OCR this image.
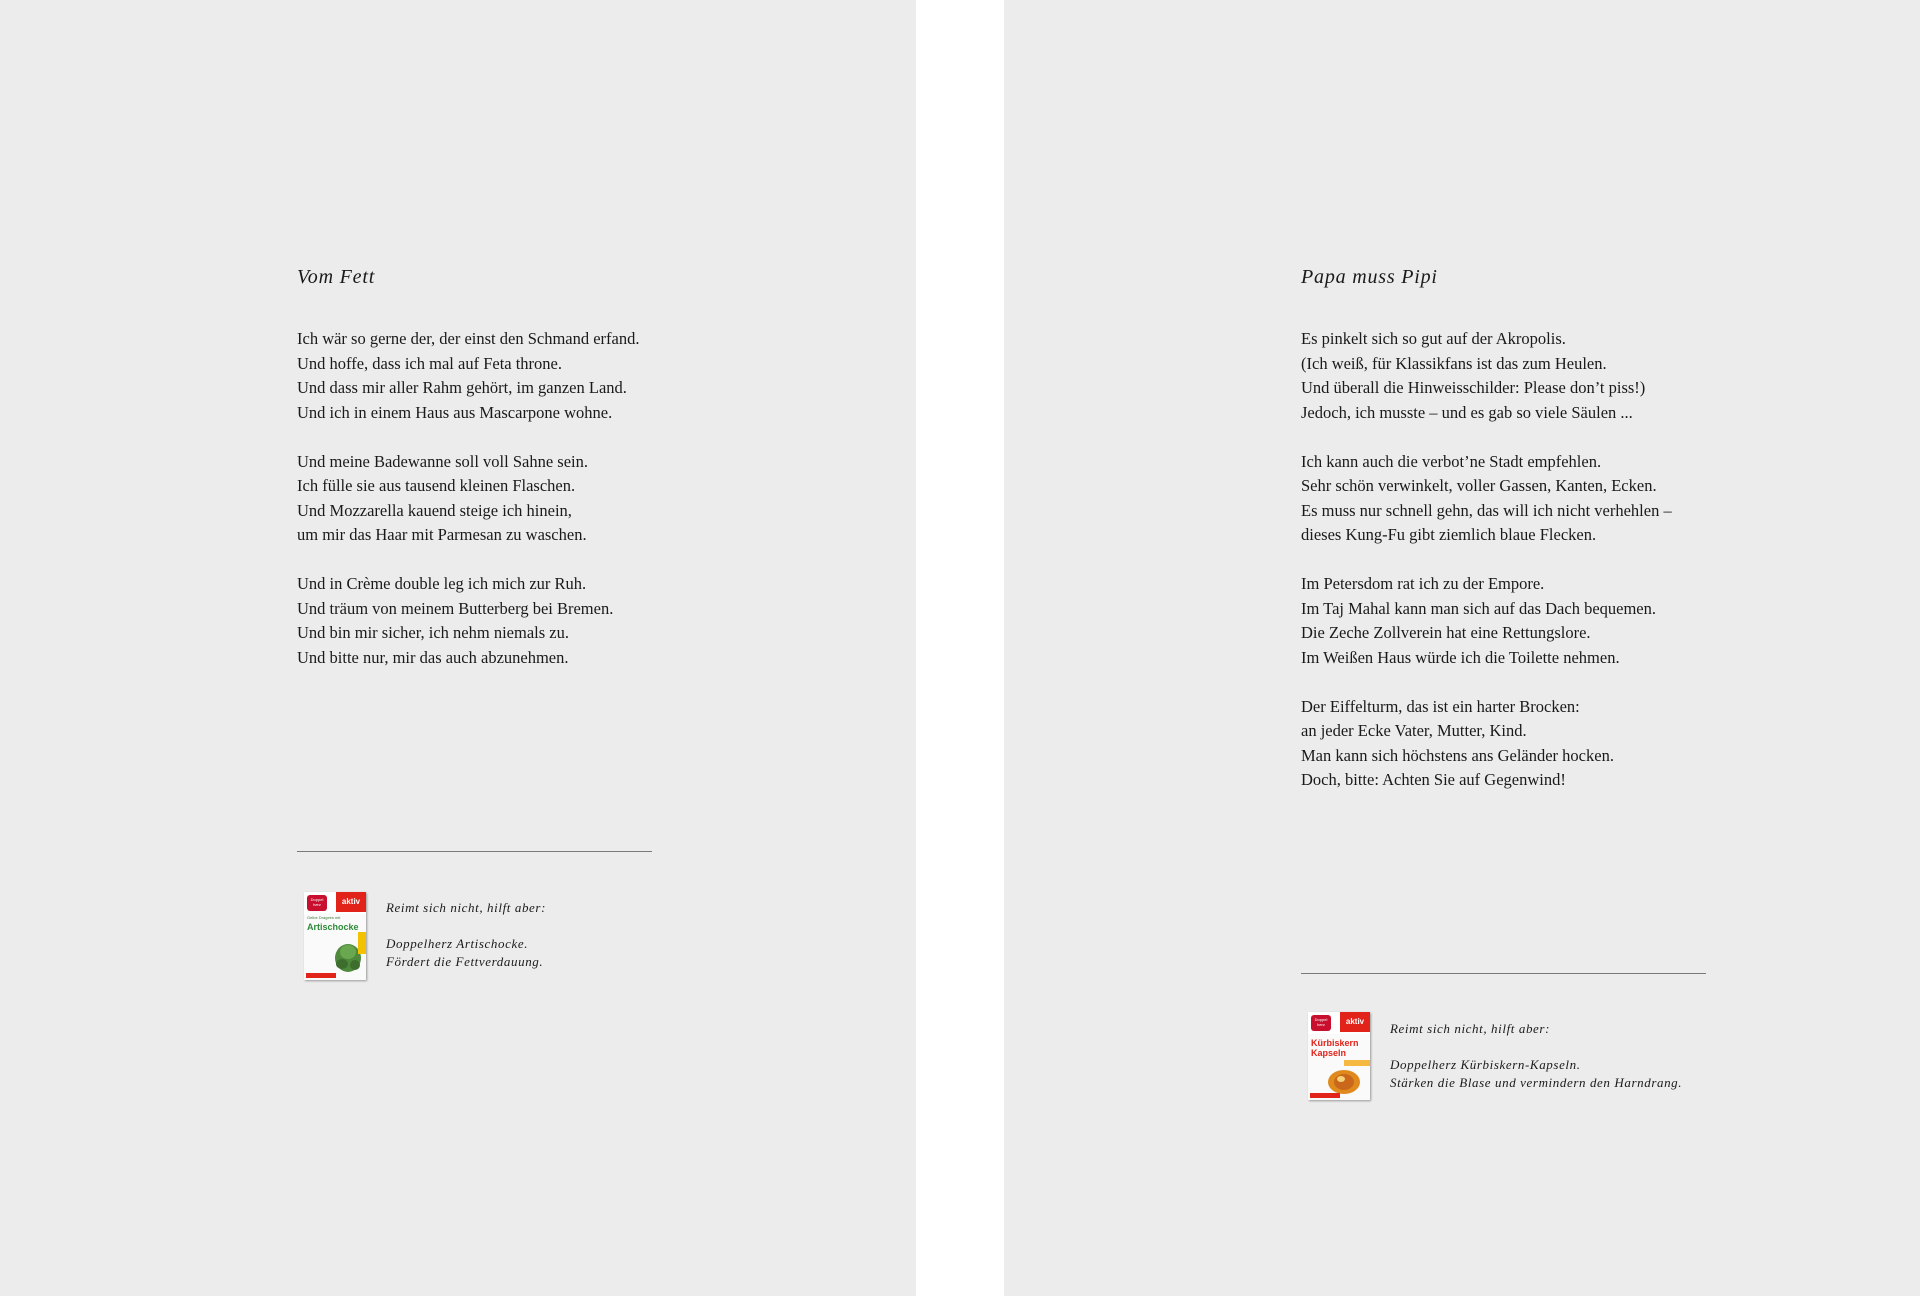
Vom Fett
Ich wär so gerne der, der einst den Schmand erfand.
Und hoffe, dass ich mal auf Feta throne.
Und dass mir aller Rahm gehört, im ganzen Land.
Und ich in einem Haus aus Mascarpone wohne.
Und meine Badewanne soll voll Sahne sein.
Ich fülle sie aus tausend kleinen Flaschen.
Und Mozzarella kauend steige ich hinein,
um mir das Haar mit Parmesan zu waschen.
Und in Crème double leg ich mich zur Ruh.
Und träum von meinem Butterberg bei Bremen.
Und bin mir sicher, ich nehm niemals zu.
Und bitte nur, mir das auch abzunehmen.
Doppel herz	aktiv
Gelbe Dragees mit
Artischocke
Reimt sich nicht, hilft aber:
Doppelherz Artischocke.
Fördert die Fettverdauung.
Papa muss Pipi
Es pinkelt sich so gut auf der Akropolis.
(Ich weiß, für Klassikfans ist das zum Heulen.
Und überall die Hinweisschilder: Please don’t piss!)
Jedoch, ich musste – und es gab so viele Säulen ...
Ich kann auch die verbot’ne Stadt empfehlen.
Sehr schön verwinkelt, voller Gassen, Kanten, Ecken.
Es muss nur schnell gehn, das will ich nicht verhehlen –
dieses Kung-Fu gibt ziemlich blaue Flecken.
Im Petersdom rat ich zu der Empore.
Im Taj Mahal kann man sich auf das Dach bequemen.
Die Zeche Zollverein hat eine Rettungslore.
Im Weißen Haus würde ich die Toilette nehmen.
Der Eiffelturm, das ist ein harter Brocken:
an jeder Ecke Vater, Mutter, Kind.
Man kann sich höchstens ans Geländer hocken.
Doch, bitte: Achten Sie auf Gegenwind!
Doppel herz	aktiv
Kürbiskern Kapseln
Reimt sich nicht, hilft aber:
Doppelherz Kürbiskern-Kapseln.
Stärken die Blase und vermindern den Harndrang.
